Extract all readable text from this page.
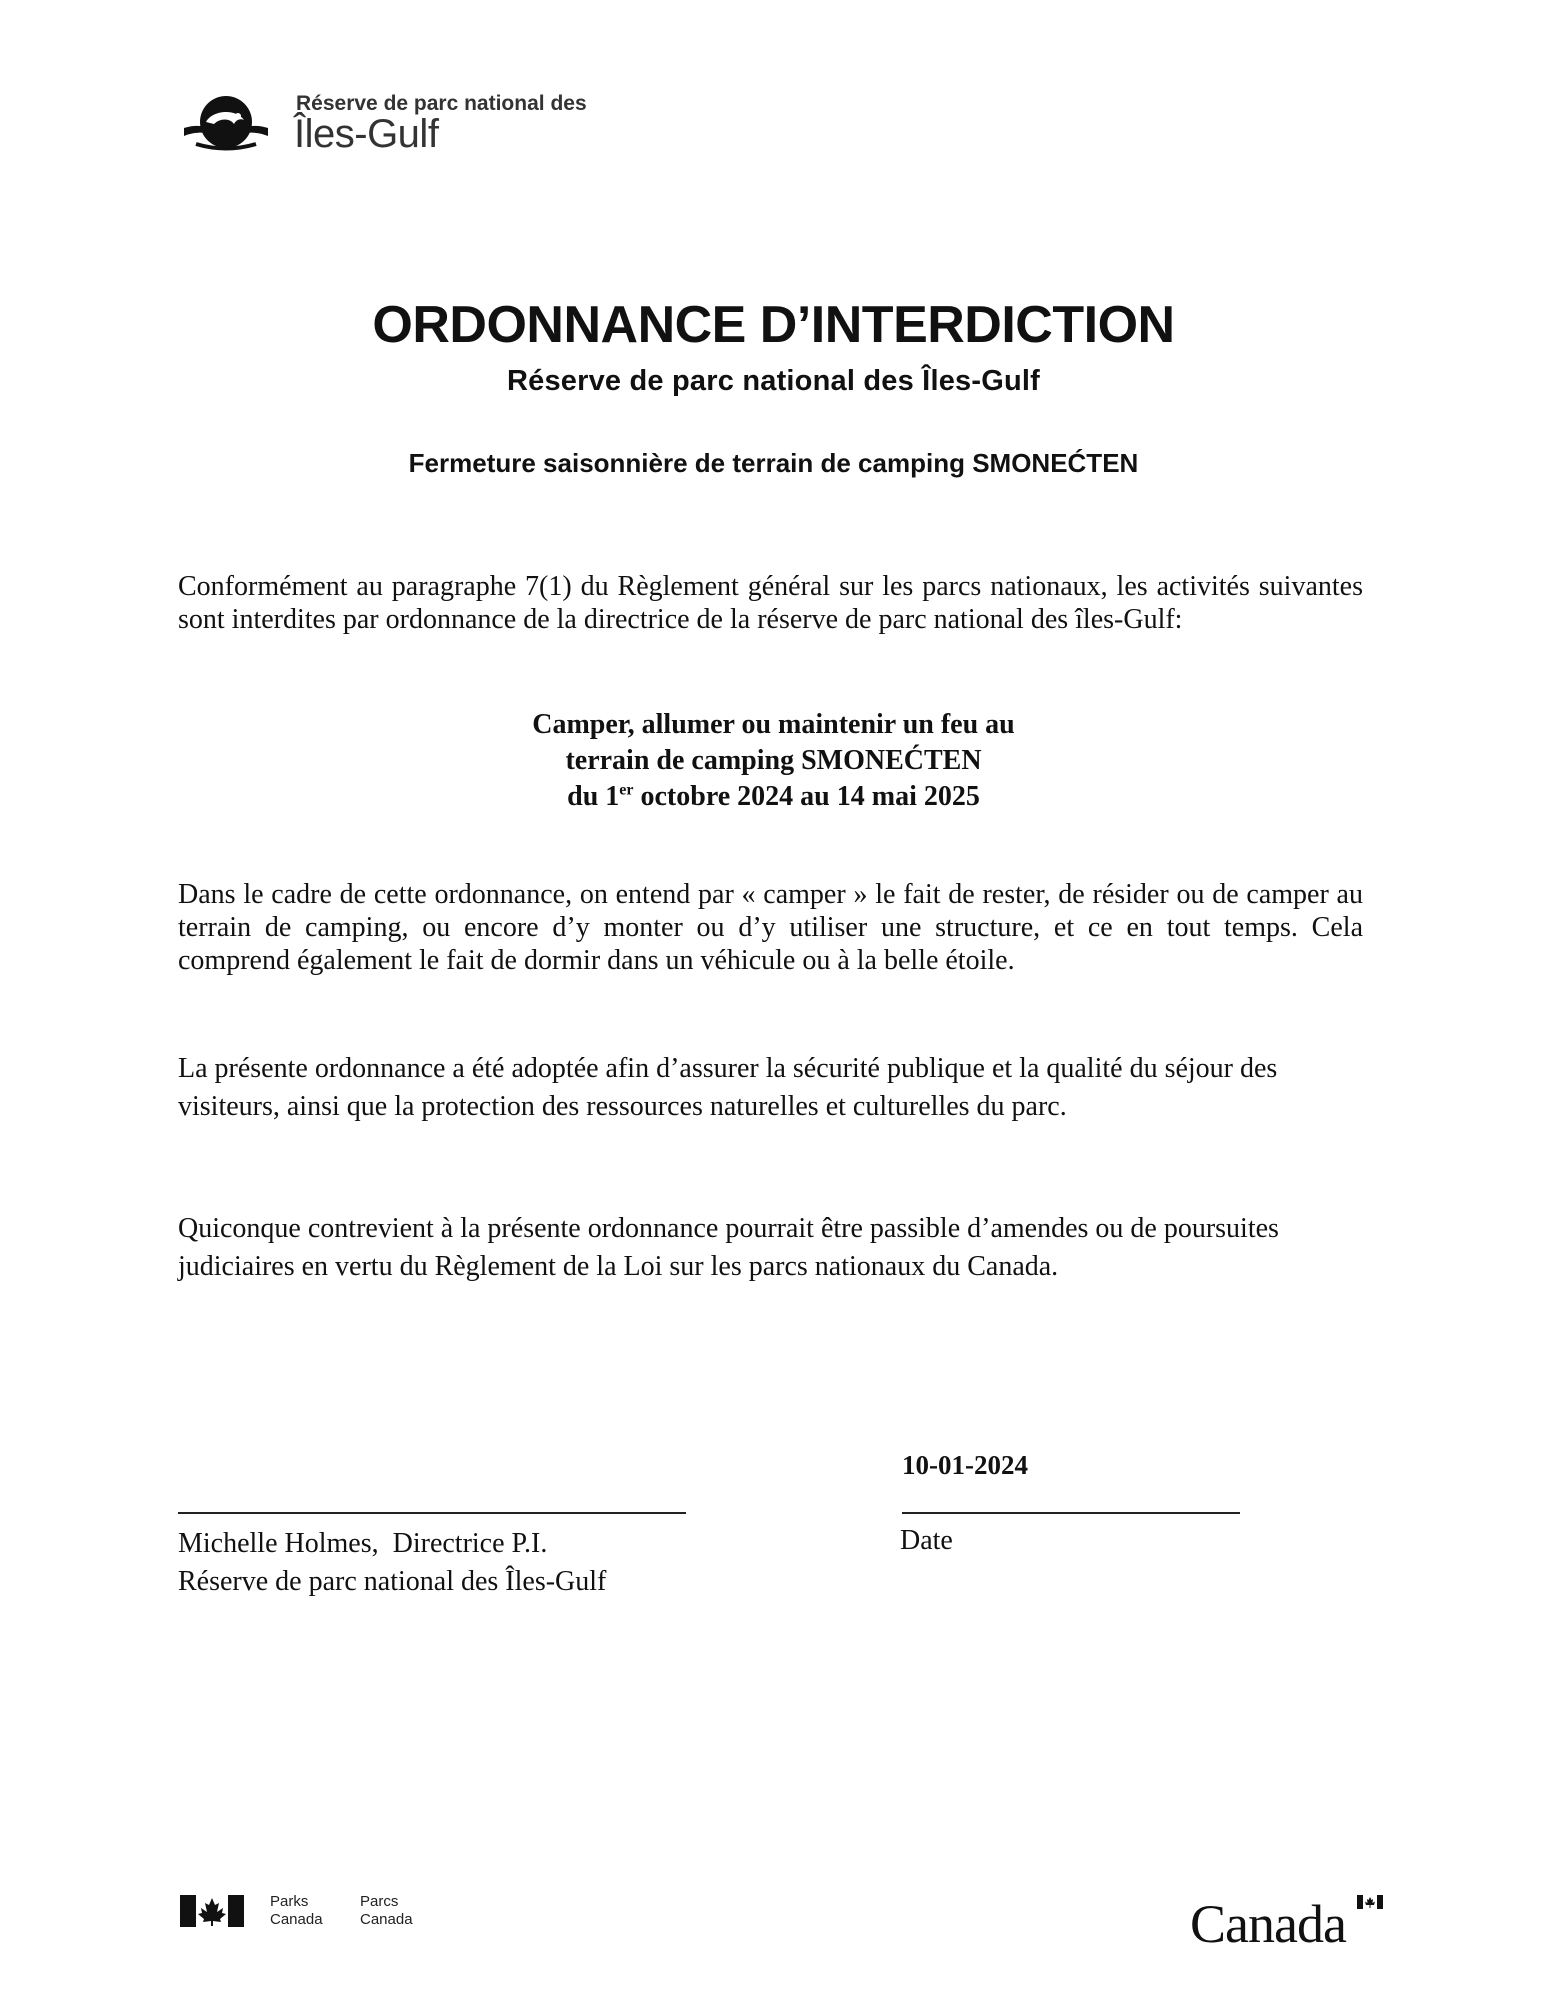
Réserve de parc national des
Îles-Gulf
ORDONNANCE D’INTERDICTION
Réserve de parc national des Îles-Gulf
Fermeture saisonnière de terrain de camping SMONEĆTEN
Conformément au paragraphe 7(1) du Règlement général sur les parcs nationaux, les activités suivantes sont interdites par ordonnance de la directrice de la réserve de parc national des îles-Gulf:
Camper, allumer ou maintenir un feu au
terrain de camping SMONEĆTEN
du 1er octobre 2024 au 14 mai 2025
Dans le cadre de cette ordonnance, on entend par « camper » le fait de rester, de résider ou de camper au terrain de camping, ou encore d’y monter ou d’y utiliser une structure, et ce en tout temps. Cela comprend également le fait de dormir dans un véhicule ou à la belle étoile.
La présente ordonnance a été adoptée afin d’assurer la sécurité publique et la qualité du séjour des visiteurs, ainsi que la protection des ressources naturelles et culturelles du parc.
Quiconque contrevient à la présente ordonnance pourrait être passible d’amendes ou de poursuites judiciaires en vertu du Règlement de la Loi sur les parcs nationaux du Canada.
10-01-2024
Michelle Holmes,  Directrice P.I.
Réserve de parc national des Îles-Gulf
Date
Parks
Canada
Parcs
Canada	Canada
